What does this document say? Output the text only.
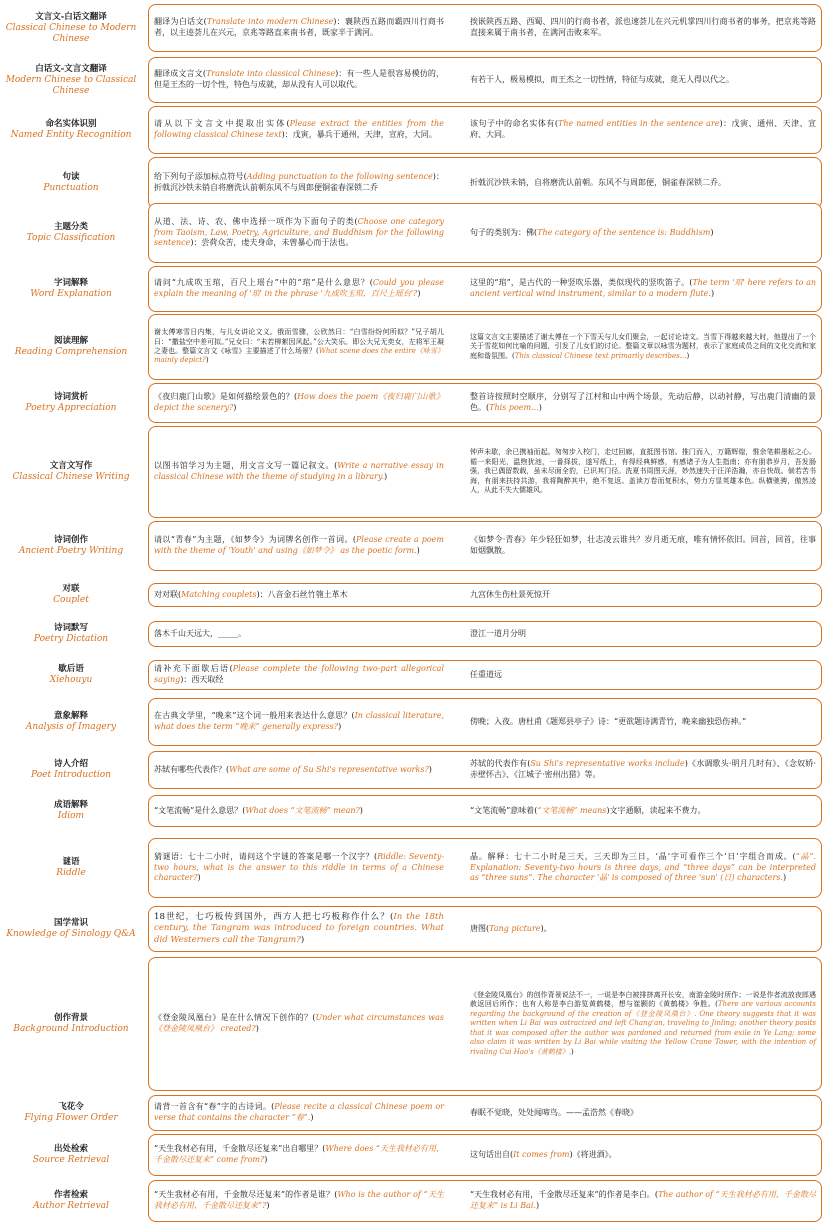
文言文-白话文翻译
Classical Chinese to Modern Chinese
翻译为白话文(Translate into modern Chinese)：襄陕西五路而霸四川行商书者，以主逵荟儿在兴元，京兆等路直来南书者，既家半于满河。
挨嵌陕西五路、西蜀、四川的行商书者，派也速荟儿在兴元机掌四川行商书者的事务，把京兆等路直接来属于南书者，在满河击败来军。
白话文-文言文翻译
Modern Chinese to Classical Chinese
翻译成文言文(Translate into classical Chinese)：有一些人是很容易模仿的，但是王杰的一切个性，特色与成就，却从没有人可以取代。
有若干人，极易模拟，而王杰之一切性情，特征与成就，竟无人得以代之。
命名实体识别
Named Entity Recognition
请从以下文言文中提取出实体(Please extract the entities from the following classical Chinese text)：戊寅，暴兵于通州，天津，宣府，大同。
该句子中的命名实体有(The named entities in the sentence are)：戊寅、通州、天津、宣府、大同。
句读
Punctuation
给下列句子添加标点符号(Adding punctuation to the following sentence)：折戟沉沙铁未销自将磨洗认前朝东风不与周郎便铜雀春深锁二乔
折戟沉沙铁未销，自将磨洗认前朝。东风不与周郎便，铜雀春深锁二乔。
主题分类
Topic Classification
从道、法、诗、农、佛中选择一项作为下面句子的类(Choose one category from Taoism, Law, Poetry, Agriculture, and Buddhism for the following sentence)：尝荷众苦，虔夫身命，未曾暴心而于法也。
句子的类别为：佛(The category of the sentence is: Buddhism)
字词解释
Word Explanation
请问“九成吹玉琯，百尺上瑶台”中的“琯”是什么意思？(Could you please explain the meaning of '琯' in the phrase '九成吹玉琯，百尺上瑶台'?)
这里的“琯”，是古代的一种竖吹乐器，类似现代的竖吹笛子。(The term '琯' here refers to an ancient vertical wind instrument, similar to a modern flute.)
阅读理解
Reading Comprehension
谢太傅寒雪日内集，与儿女讲论文义。俄而雪骤，公欣然曰：“白雪纷纷何所似？”兄子胡儿曰：“撒盐空中差可拟。”兄女曰：“未若柳絮因风起。”公大笑乐。即公大兄无奕女，左将军王凝之妻也。整篇文言文《咏雪》主要描述了什么场景？(What scene does the entire《咏雪》 mainly depict?)
这篇文言文主要描述了谢太傅在一个下雪天与儿女们聚会，一起讨论诗文。当雪下得越来越大时，他提出了一个关于雪花如何比喻的问题，引发了儿女们的讨论。整篇文章以咏雪为题材，表示了家庭成员之间的文化交流和家庭和谐氛围。(This classical Chinese text primarily describes...)
诗词赏析
Poetry Appreciation
《夜归鹿门山歌》是如何描绘景色的？(How does the poem《夜归鹿门山歌》 depict the scenery?)
整首诗按照时空顺序，分别写了江村和山中两个场景，先动后静，以动衬静，写出鹿门清幽的景色。(This poem...)
文言文写作
Classical Chinese Writing
以图书馆学习为主题，用文言文写一篇记叙文。(Write a narrative essay in classical Chinese with the theme of studying in a library.)
钟声未歇，余已携袖而起。匆匆步入校门，走过回廊，直抵图书馆。推门而入，万籍辉煌，惟余笔耕墨耘之心。循一来阳光，温煦犹池，一番择拔，遂写纸上，有得经典鲜感，有感诸子为人生指南；亦有朋恭岁月，吾发肠强，我已偶留数载，虽未尽面全豹，已识其门径。洗夏书周图天涯，妙然速失于汪洋浩瀚，亦自快哉。倘若苦书海，有朋来扶持共游，我将陶醉其中，绝不复返。盖读万卷而复积水，势力方显英雄本色。纵横驰骋，傲然凌人，从此不失大儒雄风。
诗词创作
Ancient Poetry Writing
请以“青春”为主题，《如梦令》为词牌名创作一首词。(Please create a poem with the theme of 'Youth' and using《如梦令》 as the poetic form.)
《如梦令·青春》年少轻狂如梦，壮志凌云谁共？岁月逝无痕，唯有情怀依旧。回首，回首，往事如烟飘散。
对联
Couplet
对对联(Matching couplets)：八音金石丝竹匏土革木	九宫休生伤杜景死惊开
诗词默写
Poetry Dictation
落木千山天远大，_____。	澄江一道月分明
歇后语
Xiehouyu
请补充下面歇后语(Please complete the following two-part allegorical saying)：西天取经
任重道远
意象解释
Analysis of Imagery
在古典文学里，“晚来”这个词一般用来表达什么意思？(In classical literature, what does the term “晚来” generally express?)
傍晚；入夜。唐杜甫《题郑县亭子》诗：“更欲题诗满青竹，晚来幽独恐伤神。”
诗人介绍
Poet Introduction
苏轼有哪些代表作？(What are some of Su Shi's representative works?)
苏轼的代表作有(Su Shi's representative works include)《水调歌头·明月几时有》、《念奴娇·赤壁怀古》、《江城子·密州出猎》等。
成语解释
Idiom
“文笔流畅”是什么意思？(What does “文笔流畅” mean?)	“文笔流畅”意味着(“文笔流畅” means)文字通顺，读起来不费力。
谜语
Riddle
猜谜语：七十二小时，请问这个字谜的答案是哪一个汉字？(Riddle: Seventy-two hours, what is the answer to this riddle in terms of a Chinese character?)
晶。解释：七十二小时是三天，三天即为三日，‘晶’字可看作三个‘日’字组合而成。(“晶”. Explanation: Seventy-two hours is three days, and “three days” can be interpreted as “three suns”. The character '晶' is composed of three 'sun' (日) characters.)
国学常识
Knowledge of Sinology Q&A
18世纪，七巧板传到国外，西方人把七巧板称作什么？(In the 18th century, the Tangram was introduced to foreign countries. What did Westerners call the Tangram?)
唐图(Tang picture)。
创作背景
Background Introduction
《登金陵凤凰台》是在什么情况下创作的？(Under what circumstances was《登金陵凤凰台》 created?)
《登金陵凤凰台》的创作背景说法不一，一说是李白被排挤离开长安，南游金陵时所作；一说是作者流放夜郎遇赦返回后所作；也有人称是李白游览黄鹤楼，想与崔颢的《黄鹤楼》争胜。(There are various accounts regarding the background of the creation of《登金陵凤凰台》. One theory suggests that it was written when Li Bai was ostracized and left Chang'an, traveling to Jinling; another theory posits that it was composed after the author was pardoned and returned from exile in Ye Lang; some also claim it was written by Li Bai while visiting the Yellow Crane Tower, with the intention of rivaling Cui Hao's《黄鹤楼》.)
飞花令
Flying Flower Order
请背一首含有“春”字的古诗词。(Please recite a classical Chinese poem or verse that contains the character “春”.)
春眠不觉晓，处处闻啼鸟。——孟浩然《春晓》
出处检索
Source Retrieval
“天生我材必有用，千金散尽还复来”出自哪里？(Where does “天生我材必有用，千金散尽还复来” come from?)
这句话出自(It comes from)《将进酒》。
作者检索
Author Retrieval
“天生我材必有用，千金散尽还复来”的作者是谁？(Who is the author of “天生我材必有用，千金散尽还复来”?)
“天生我材必有用，千金散尽还复来”的作者是李白。(The author of “天生我材必有用，千金散尽还复来” is Li Bai.)
